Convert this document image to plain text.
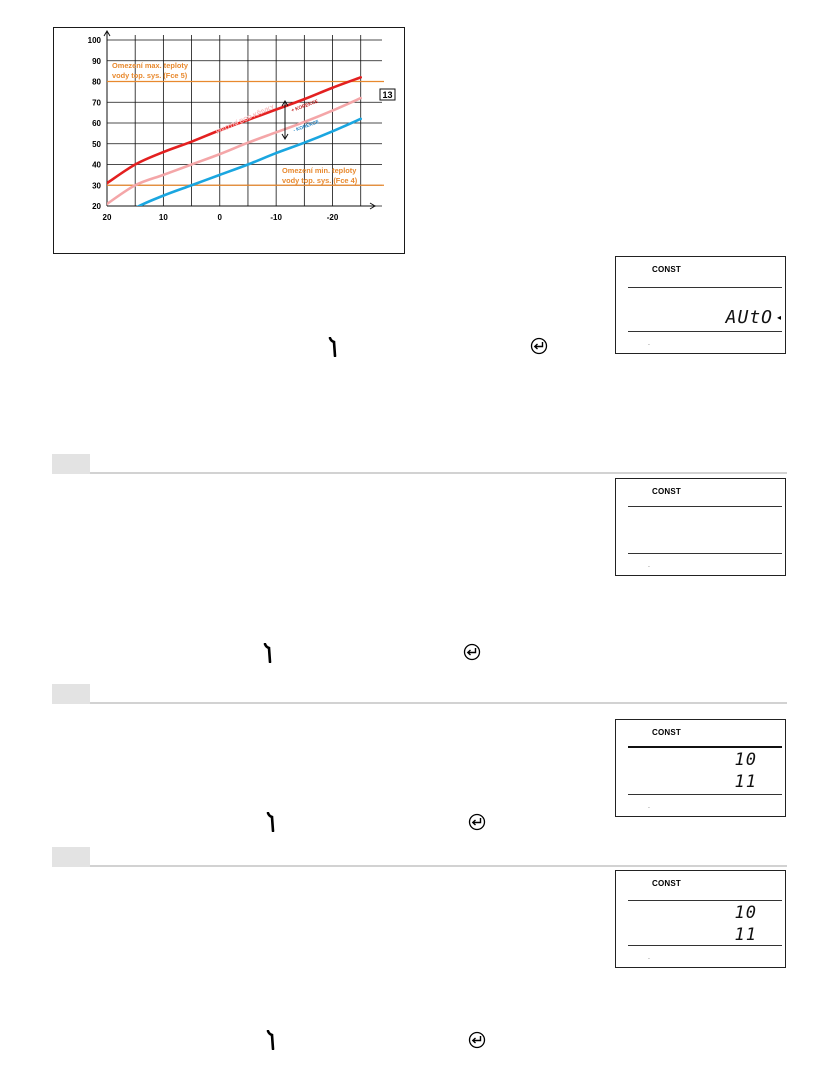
100
90
80
70
60
50
40
30
20
20	10	0	-10	-20
Omezení max. teploty
vody top. sys. (Fce 5)
Omezení min. teploty
vody top. sys. (Fce 4)
+ KOREKCE
- KOREKCE
PIVOTNÍ BOD KŘIVKY
13
CONST
AUtO ◂
.
CONST
.
CONST
10
11
.
CONST
10
11
.
